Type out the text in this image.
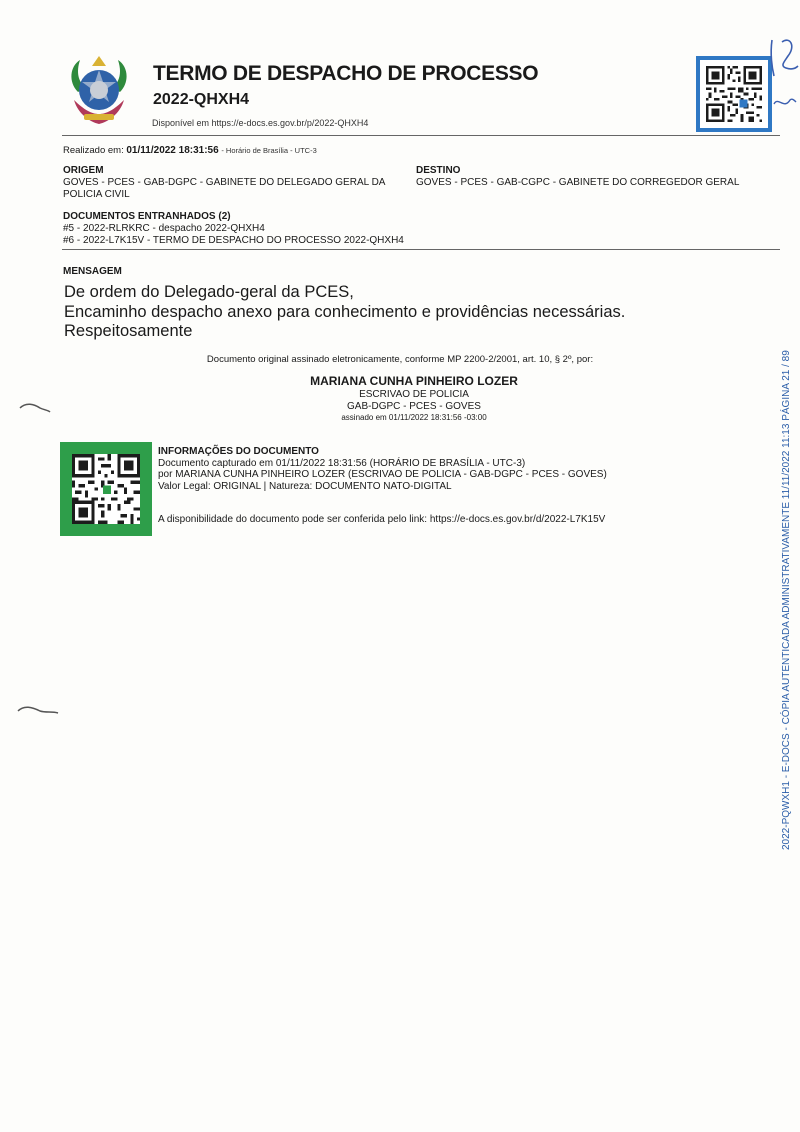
TERMO DE DESPACHO DE PROCESSO
2022-QHXH4
Disponível em https://e-docs.es.gov.br/p/2022-QHXH4
Realizado em: 01/11/2022 18:31:56 - Horário de Brasília - UTC-3
ORIGEM
GOVES - PCES - GAB-DGPC - GABINETE DO DELEGADO GERAL DA POLICIA CIVIL
DESTINO
GOVES - PCES - GAB-CGPC - GABINETE DO CORREGEDOR GERAL
DOCUMENTOS ENTRANHADOS (2)
#5 - 2022-RLRKRC - despacho 2022-QHXH4
#6 - 2022-L7K15V - TERMO DE DESPACHO DO PROCESSO 2022-QHXH4
MENSAGEM
De ordem do Delegado-geral da PCES,
Encaminho despacho anexo para conhecimento e providências necessárias.
Respeitosamente
Documento original assinado eletronicamente, conforme MP 2200-2/2001, art. 10, § 2º, por:
MARIANA CUNHA PINHEIRO LOZER
ESCRIVAO DE POLICIA
GAB-DGPC - PCES - GOVES
assinado em 01/11/2022 18:31:56 -03:00
INFORMAÇÕES DO DOCUMENTO
Documento capturado em 01/11/2022 18:31:56 (HORÁRIO DE BRASÍLIA - UTC-3)
por MARIANA CUNHA PINHEIRO LOZER (ESCRIVAO DE POLICIA - GAB-DGPC - PCES - GOVES)
Valor Legal: ORIGINAL | Natureza: DOCUMENTO NATO-DIGITAL
A disponibilidade do documento pode ser conferida pelo link: https://e-docs.es.gov.br/d/2022-L7K15V	2022-PQWXH1 - E-DOCS - CÓPIA AUTENTICADA ADMINISTRATIVAMENTE 11/11/2022 11:13 PÁGINA 21 / 89
